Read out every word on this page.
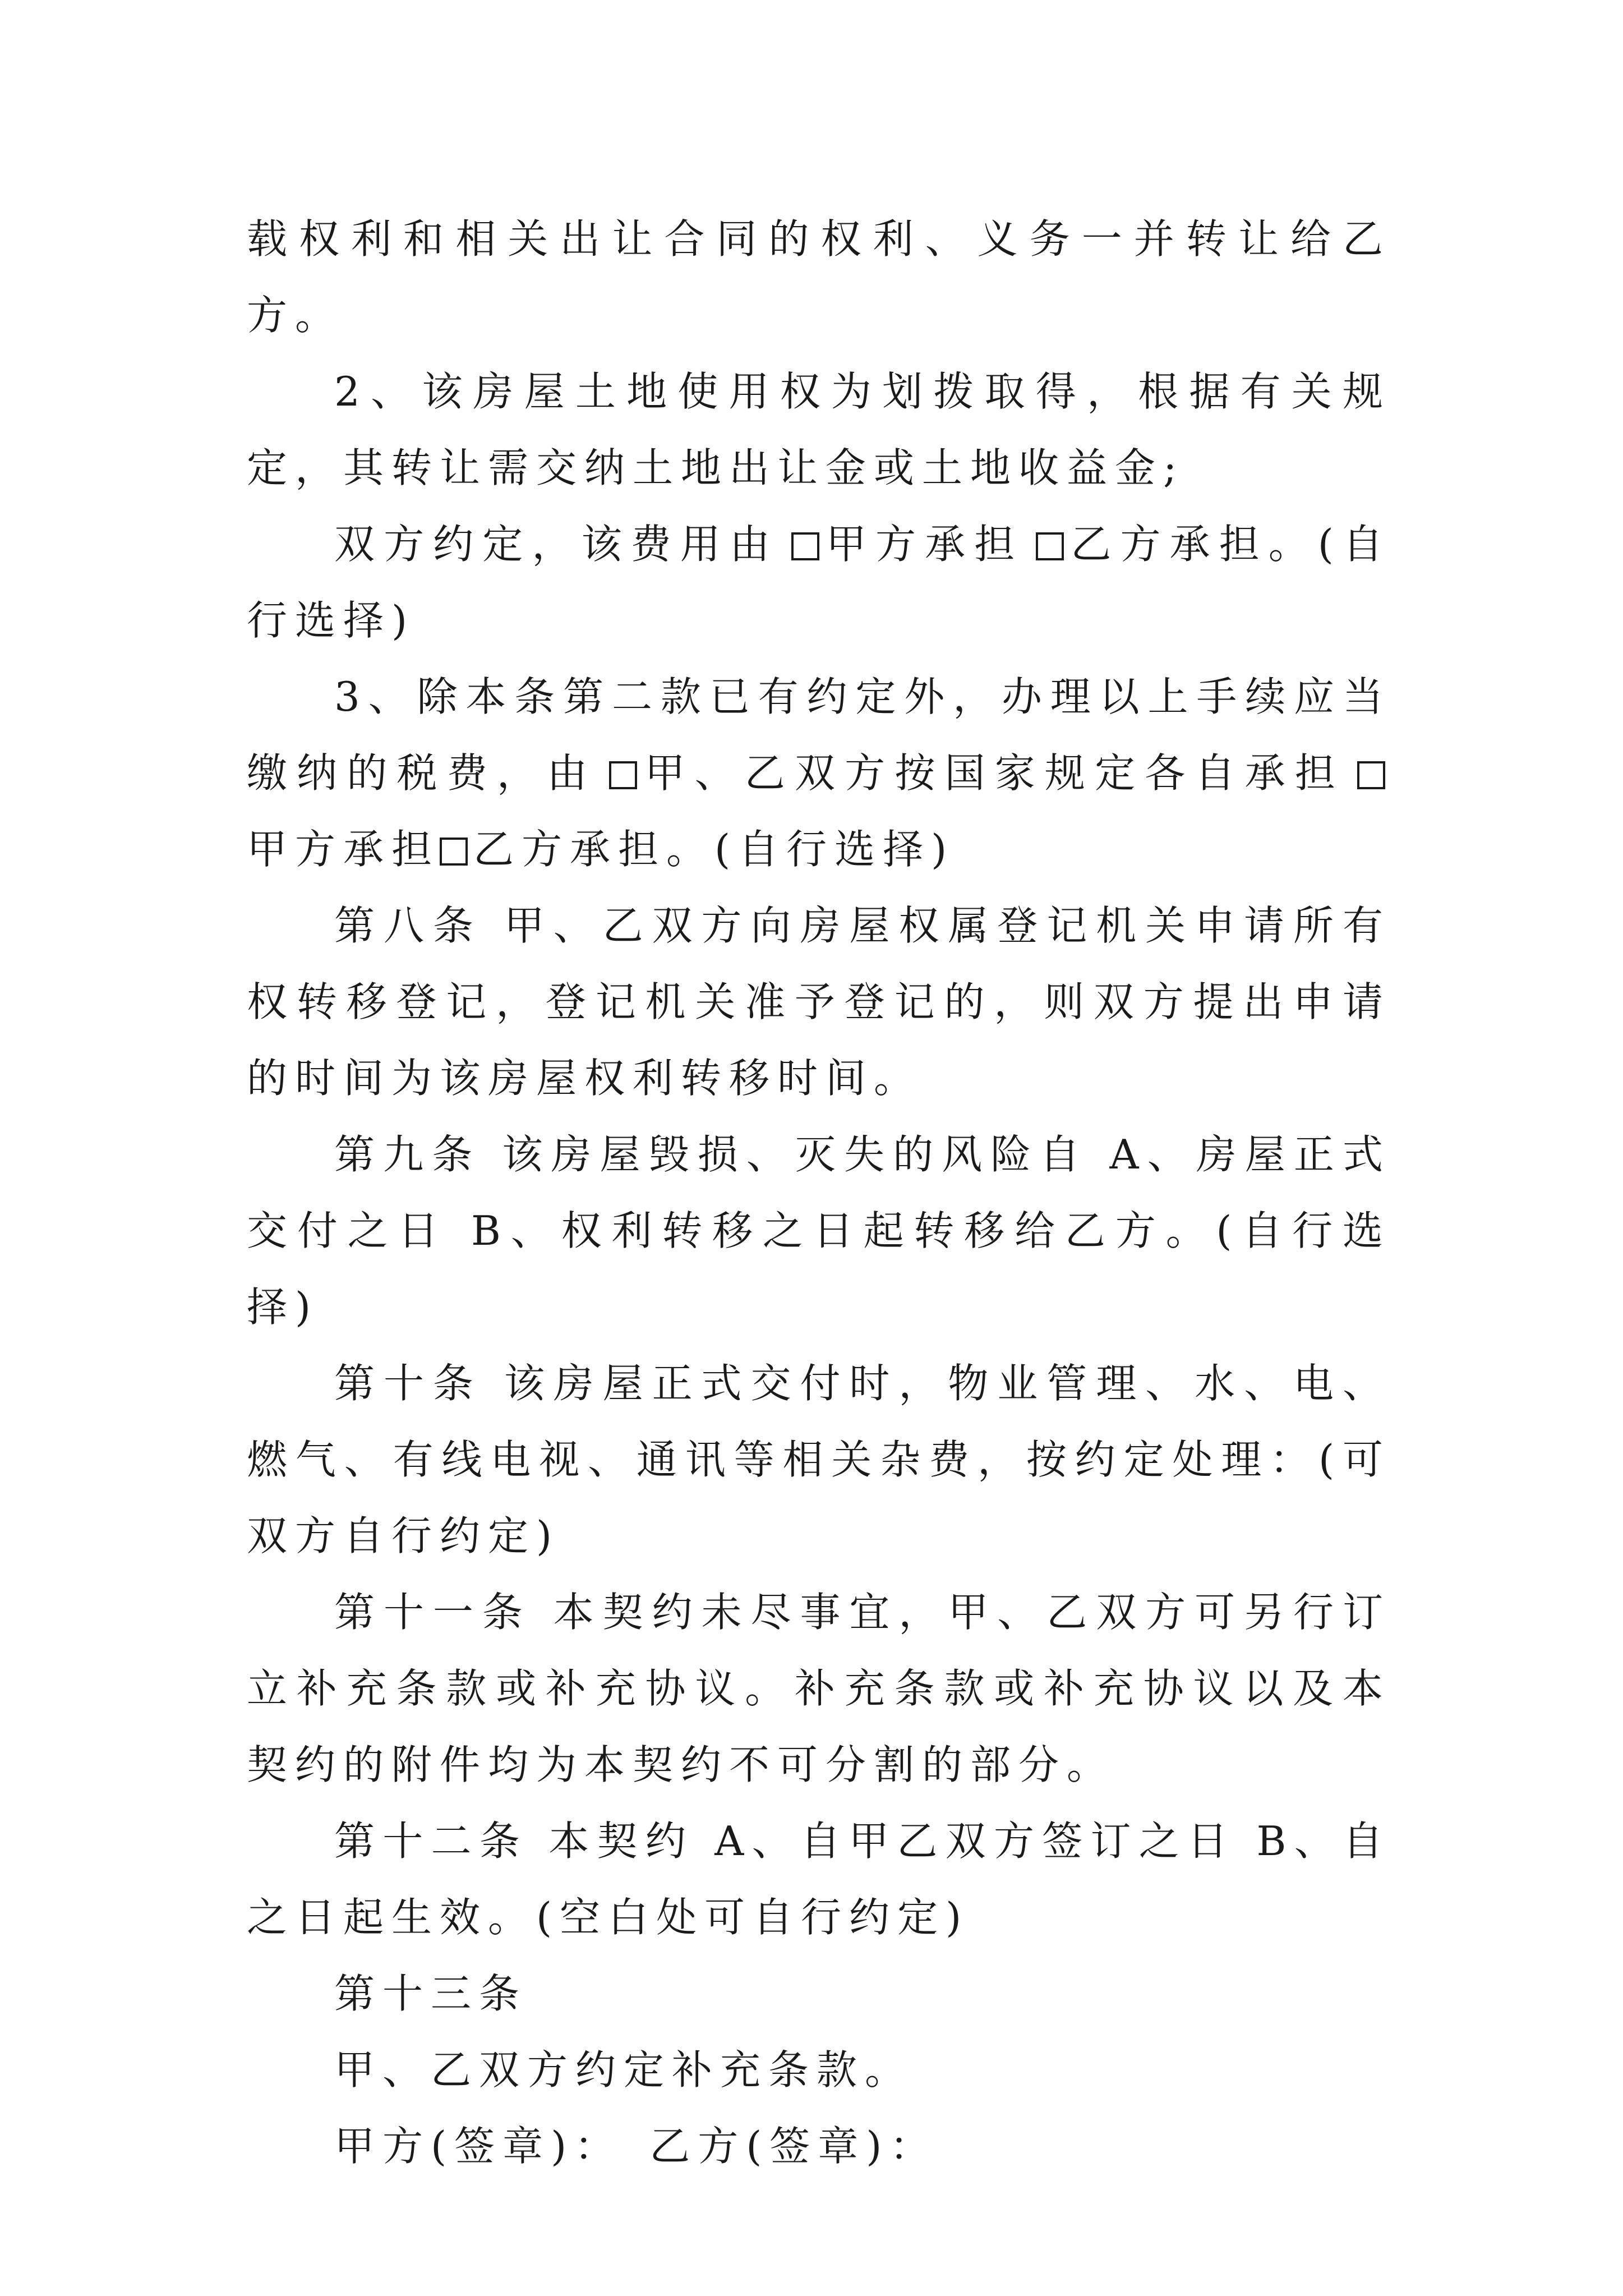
载权利和相关出让合同的权利、义务一并转让给乙方。

2、该房屋土地使用权为划拨取得，根据有关规定，其转让需交纳土地出让金或土地收益金;

双方约定，该费用由 甲方承担 乙方承担。(自行选择)

3、除本条第二款已有约定外，办理以上手续应当缴纳的税费，由 甲、乙双方按国家规定各自承担甲方承担 乙方承担。(自行选择)

第八条 甲、乙双方向房屋权属登记机关申请所有权转移登记，登记机关准予登记的，则双方提出申请的时间为该房屋权利转移时间。

第九条 该房屋毁损、灭失的风险自 A、房屋正式交付之日 B、权利转移之日起转移给乙方。(自行选择)

第十条 该房屋正式交付时，物业管理、水、电、燃气、有线电视、通讯等相关杂费，按约定处理：(可双方自行约定)

第十一条 本契约未尽事宜，甲、乙双方可另行订立补充条款或补充协议。补充条款或补充协议以及本契约的附件均为本契约不可分割的部分。

第十二条 本契约 A、自甲乙双方签订之日 B、自之日起生效。(空白处可自行约定)

第十三条

甲、乙双方约定补充条款。

甲方(签章)： 乙方(签章)：
